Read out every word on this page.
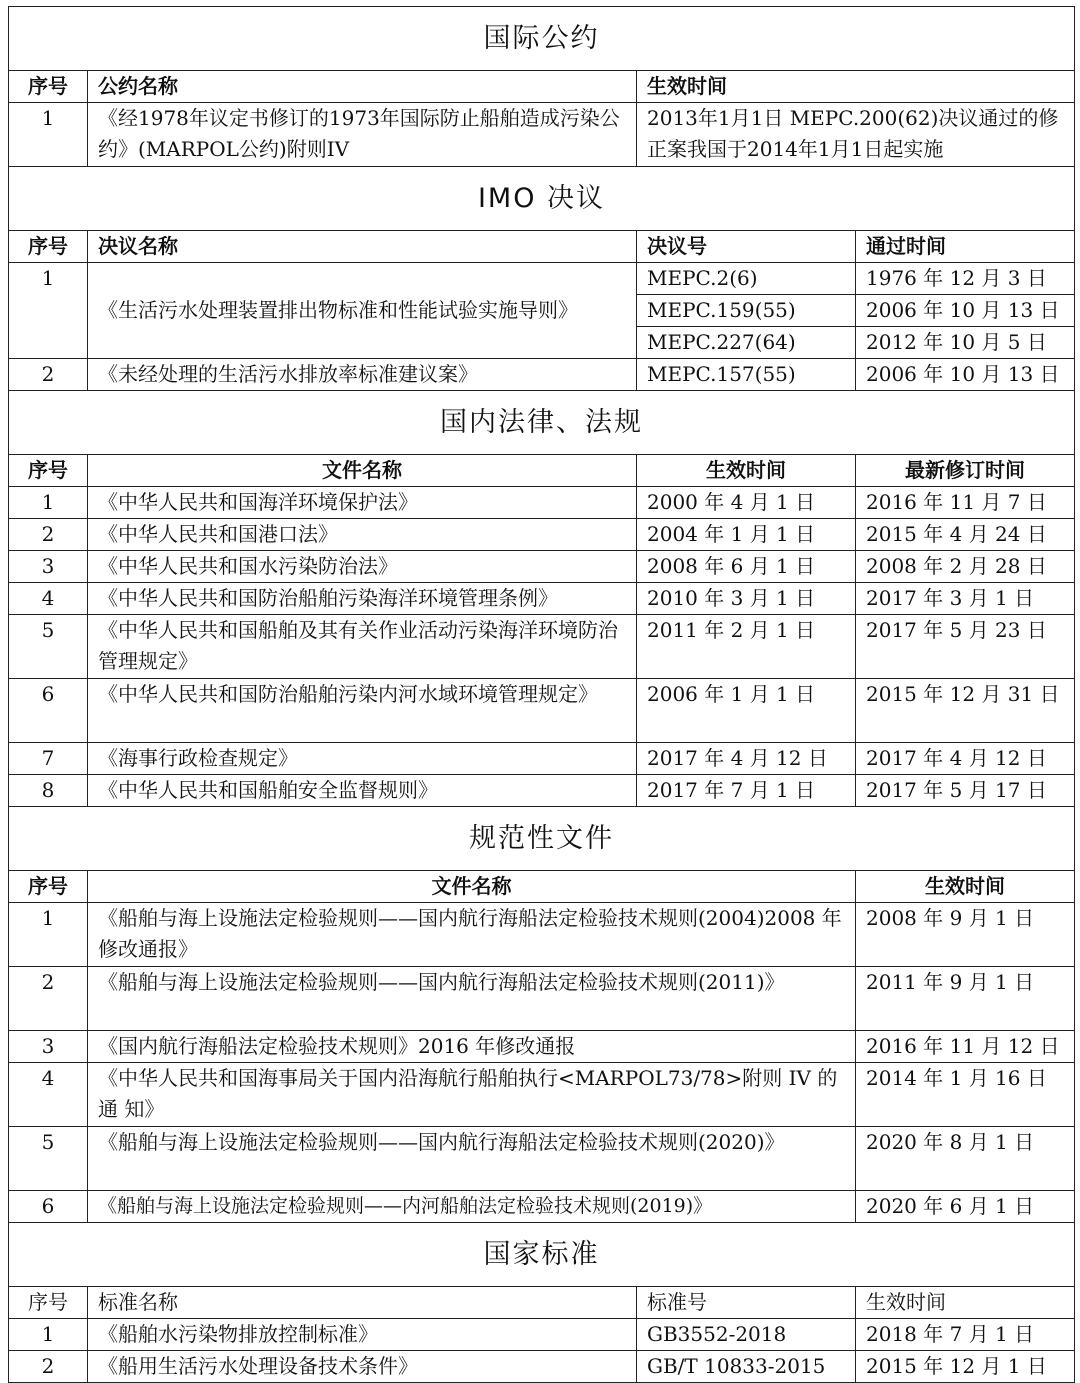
国际公约			
序号	公约名称	生效时间	
1	《经1978年议定书修订的1973年国际防止船舶造成污染公约》(MARPOL公约)附则IV	2013年1月1日 MEPC.200(62)决议通过的修正案我国于2014年1月1日起实施	
IMO 决议			
序号	决议名称	决议号	通过时间
1	《生活污水处理装置排出物标准和性能试验实施导则》	MEPC.2(6)	1976 年 12 月 3 日
		MEPC.159(55)	2006 年 10 月 13 日
		MEPC.227(64)	2012 年 10 月 5 日
2	《未经处理的生活污水排放率标准建议案》	MEPC.157(55)	2006 年 10 月 13 日
国内法律、法规			
序号	文件名称	生效时间	最新修订时间
1	《中华人民共和国海洋环境保护法》	2000 年 4 月 1 日	2016 年 11 月 7 日
2	《中华人民共和国港口法》	2004 年 1 月 1 日	2015 年 4 月 24 日
3	《中华人民共和国水污染防治法》	2008 年 6 月 1 日	2008 年 2 月 28 日
4	《中华人民共和国防治船舶污染海洋环境管理条例》	2010 年 3 月 1 日	2017 年 3 月 1 日
5	《中华人民共和国船舶及其有关作业活动污染海洋环境防治管理规定》	2011 年 2 月 1 日	2017 年 5 月 23 日
6	《中华人民共和国防治船舶污染内河水域环境管理规定》	2006 年 1 月 1 日	2015 年 12 月 31 日
7	《海事行政检查规定》	2017 年 4 月 12 日	2017 年 4 月 12 日
8	《中华人民共和国船舶安全监督规则》	2017 年 7 月 1 日	2017 年 5 月 17 日
规范性文件			
序号	文件名称		生效时间
1	《船舶与海上设施法定检验规则——国内航行海船法定检验技术规则(2004)2008 年修改通报》		2008 年 9 月 1 日
2	《船舶与海上设施法定检验规则——国内航行海船法定检验技术规则(2011)》		2011 年 9 月 1 日
3	《国内航行海船法定检验技术规则》2016 年修改通报		2016 年 11 月 12 日
4	《中华人民共和国海事局关于国内沿海航行船舶执行<MARPOL73/78>附则 IV 的通 知》		2014 年 1 月 16 日
5	《船舶与海上设施法定检验规则——国内航行海船法定检验技术规则(2020)》		2020 年 8 月 1 日
6	《船舶与海上设施法定检验规则——内河船舶法定检验技术规则(2019)》		2020 年 6 月 1 日
国家标准			
序号	标准名称	标准号	生效时间
1	《船舶水污染物排放控制标准》	GB3552-2018	2018 年 7 月 1 日
2	《船用生活污水处理设备技术条件》	GB/T 10833-2015	2015 年 12 月 1 日
